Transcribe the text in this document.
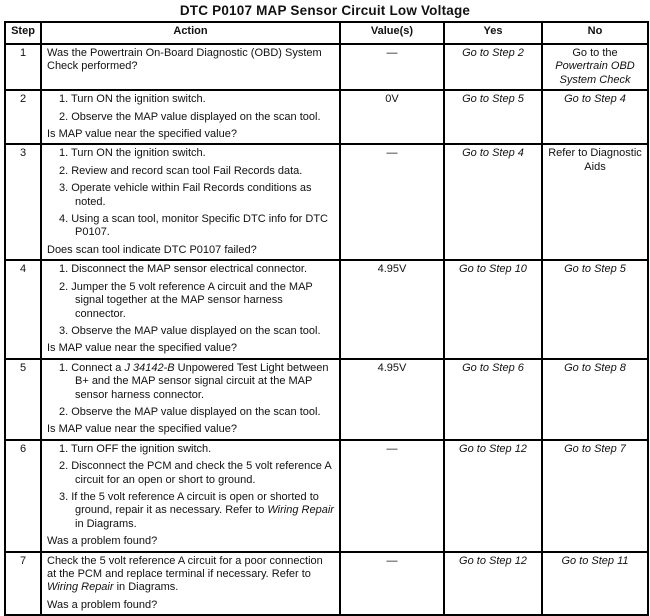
DTC P0107 MAP Sensor Circuit Low Voltage
Step	Action	Value(s)	Yes	No
1	Was the Powertrain On-Board Diagnostic (OBD) System Check performed?	—	Go to Step 2	Go to the
Powertrain OBD
System Check

2	1. Turn ON the ignition switch.
2. Observe the MAP value displayed on the scan tool.
Is MAP value near the specified value?	0V	Go to Step 5	Go to Step 4
3	1. Turn ON the ignition switch.
2. Review and record scan tool Fail Records data.
3. Operate vehicle within Fail Records conditions as noted.
4. Using a scan tool, monitor Specific DTC info for DTC P0107.
Does scan tool indicate DTC P0107 failed?	—	Go to Step 4	Refer to Diagnostic Aids
4	1. Disconnect the MAP sensor electrical connector.
2. Jumper the 5 volt reference A circuit and the MAP signal together at the MAP sensor harness connector.
3. Observe the MAP value displayed on the scan tool.
Is MAP value near the specified value?	4.95V	Go to Step 10	Go to Step 5
5	1. Connect a J 34142-B Unpowered Test Light between B+ and the MAP sensor signal circuit at the MAP sensor harness connector.
2. Observe the MAP value displayed on the scan tool.
Is MAP value near the specified value?	4.95V	Go to Step 6	Go to Step 8
6	1. Turn OFF the ignition switch.
2. Disconnect the PCM and check the 5 volt reference A circuit for an open or short to ground.
3. If the 5 volt reference A circuit is open or shorted to ground, repair it as necessary. Refer to Wiring Repair in Diagrams.
Was a problem found?	—	Go to Step 12	Go to Step 7
7	Check the 5 volt reference A circuit for a poor connection at the PCM and replace terminal if necessary. Refer to Wiring Repair in Diagrams.
Was a problem found?	—	Go to Step 12	Go to Step 11
